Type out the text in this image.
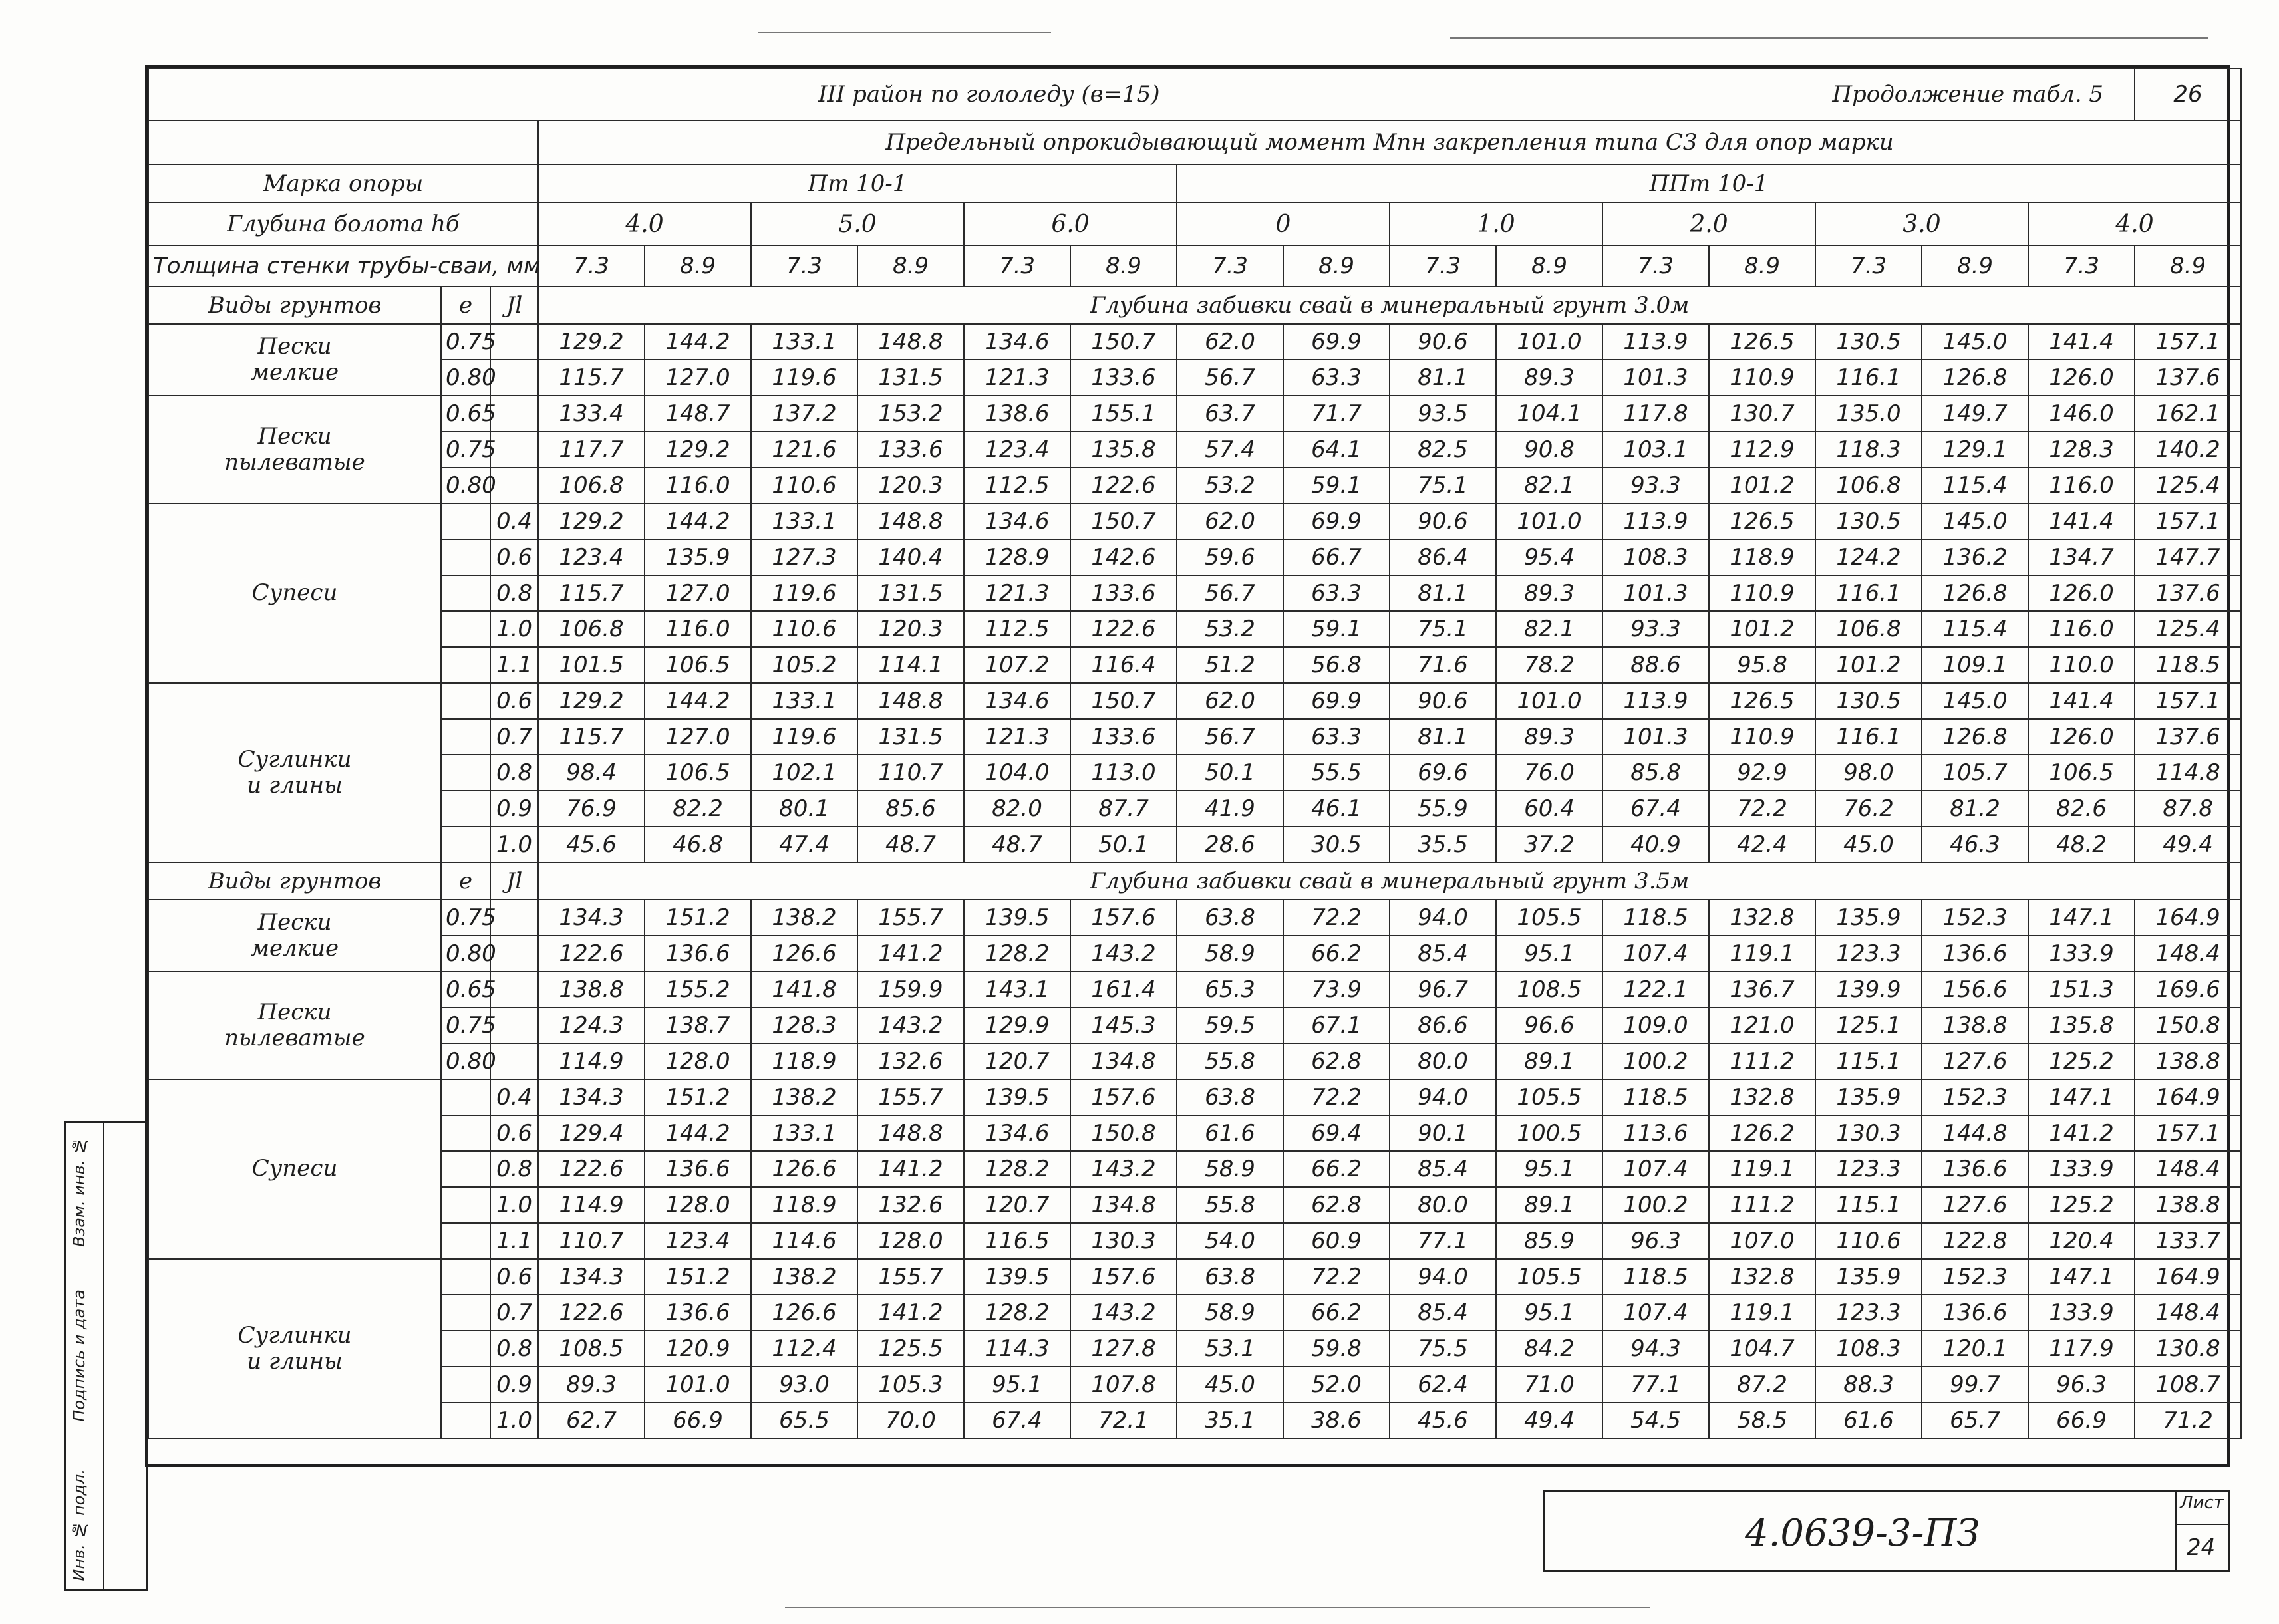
III район по гололеду (в=15) Продолжение табл. 5																		26
			Предельный опрокидывающий момент Мпн закрепления типа С3 для опор марки															
Марка опоры			Пт 10-1						ППт 10-1									
Глубина болота hб			4.0		5.0		6.0		0		1.0		2.0		3.0		4.0	
Толщина стенки трубы-сваи, мм			7.3	8.9	7.3	8.9	7.3	8.9	7.3	8.9	7.3	8.9	7.3	8.9	7.3	8.9	7.3	8.9
Виды грунтов	е	Jl	Глубина забивки свай в минеральный грунт 3.0м															

Пески
мелкие	0.75		129.2	144.2	133.1	148.8	134.6	150.7	62.0	69.9	90.6	101.0	113.9	126.5	130.5	145.0	141.4	157.1
	0.80		115.7	127.0	119.6	131.5	121.3	133.6	56.7	63.3	81.1	89.3	101.3	110.9	116.1	126.8	126.0	137.6

Пески
пылеватые	0.65		133.4	148.7	137.2	153.2	138.6	155.1	63.7	71.7	93.5	104.1	117.8	130.7	135.0	149.7	146.0	162.1
	0.75		117.7	129.2	121.6	133.6	123.4	135.8	57.4	64.1	82.5	90.8	103.1	112.9	118.3	129.1	128.3	140.2
	0.80		106.8	116.0	110.6	120.3	112.5	122.6	53.2	59.1	75.1	82.1	93.3	101.2	106.8	115.4	116.0	125.4

Супеси		0.4	129.2	144.2	133.1	148.8	134.6	150.7	62.0	69.9	90.6	101.0	113.9	126.5	130.5	145.0	141.4	157.1
		0.6	123.4	135.9	127.3	140.4	128.9	142.6	59.6	66.7	86.4	95.4	108.3	118.9	124.2	136.2	134.7	147.7
		0.8	115.7	127.0	119.6	131.5	121.3	133.6	56.7	63.3	81.1	89.3	101.3	110.9	116.1	126.8	126.0	137.6
		1.0	106.8	116.0	110.6	120.3	112.5	122.6	53.2	59.1	75.1	82.1	93.3	101.2	106.8	115.4	116.0	125.4
		1.1	101.5	106.5	105.2	114.1	107.2	116.4	51.2	56.8	71.6	78.2	88.6	95.8	101.2	109.1	110.0	118.5

Суглинки
и глины		0.6	129.2	144.2	133.1	148.8	134.6	150.7	62.0	69.9	90.6	101.0	113.9	126.5	130.5	145.0	141.4	157.1
		0.7	115.7	127.0	119.6	131.5	121.3	133.6	56.7	63.3	81.1	89.3	101.3	110.9	116.1	126.8	126.0	137.6
		0.8	98.4	106.5	102.1	110.7	104.0	113.0	50.1	55.5	69.6	76.0	85.8	92.9	98.0	105.7	106.5	114.8
		0.9	76.9	82.2	80.1	85.6	82.0	87.7	41.9	46.1	55.9	60.4	67.4	72.2	76.2	81.2	82.6	87.8
		1.0	45.6	46.8	47.4	48.7	48.7	50.1	28.6	30.5	35.5	37.2	40.9	42.4	45.0	46.3	48.2	49.4
Виды грунтов	е	Jl	Глубина забивки свай в минеральный грунт 3.5м															

Пески
мелкие	0.75		134.3	151.2	138.2	155.7	139.5	157.6	63.8	72.2	94.0	105.5	118.5	132.8	135.9	152.3	147.1	164.9
	0.80		122.6	136.6	126.6	141.2	128.2	143.2	58.9	66.2	85.4	95.1	107.4	119.1	123.3	136.6	133.9	148.4

Пески
пылеватые	0.65		138.8	155.2	141.8	159.9	143.1	161.4	65.3	73.9	96.7	108.5	122.1	136.7	139.9	156.6	151.3	169.6
	0.75		124.3	138.7	128.3	143.2	129.9	145.3	59.5	67.1	86.6	96.6	109.0	121.0	125.1	138.8	135.8	150.8
	0.80		114.9	128.0	118.9	132.6	120.7	134.8	55.8	62.8	80.0	89.1	100.2	111.2	115.1	127.6	125.2	138.8

Супеси		0.4	134.3	151.2	138.2	155.7	139.5	157.6	63.8	72.2	94.0	105.5	118.5	132.8	135.9	152.3	147.1	164.9
		0.6	129.4	144.2	133.1	148.8	134.6	150.8	61.6	69.4	90.1	100.5	113.6	126.2	130.3	144.8	141.2	157.1
		0.8	122.6	136.6	126.6	141.2	128.2	143.2	58.9	66.2	85.4	95.1	107.4	119.1	123.3	136.6	133.9	148.4
		1.0	114.9	128.0	118.9	132.6	120.7	134.8	55.8	62.8	80.0	89.1	100.2	111.2	115.1	127.6	125.2	138.8
		1.1	110.7	123.4	114.6	128.0	116.5	130.3	54.0	60.9	77.1	85.9	96.3	107.0	110.6	122.8	120.4	133.7

Суглинки
и глины		0.6	134.3	151.2	138.2	155.7	139.5	157.6	63.8	72.2	94.0	105.5	118.5	132.8	135.9	152.3	147.1	164.9
		0.7	122.6	136.6	126.6	141.2	128.2	143.2	58.9	66.2	85.4	95.1	107.4	119.1	123.3	136.6	133.9	148.4
		0.8	108.5	120.9	112.4	125.5	114.3	127.8	53.1	59.8	75.5	84.2	94.3	104.7	108.3	120.1	117.9	130.8
		0.9	89.3	101.0	93.0	105.3	95.1	107.8	45.0	52.0	62.4	71.0	77.1	87.2	88.3	99.7	96.3	108.7
		1.0	62.7	66.9	65.5	70.0	67.4	72.1	35.1	38.6	45.6	49.4	54.5	58.5	61.6	65.7	66.9	71.2
Инв. № подл.
Подпись и дата
Взам. инв. №
4.0639-3-ПЗ
Лист
24
